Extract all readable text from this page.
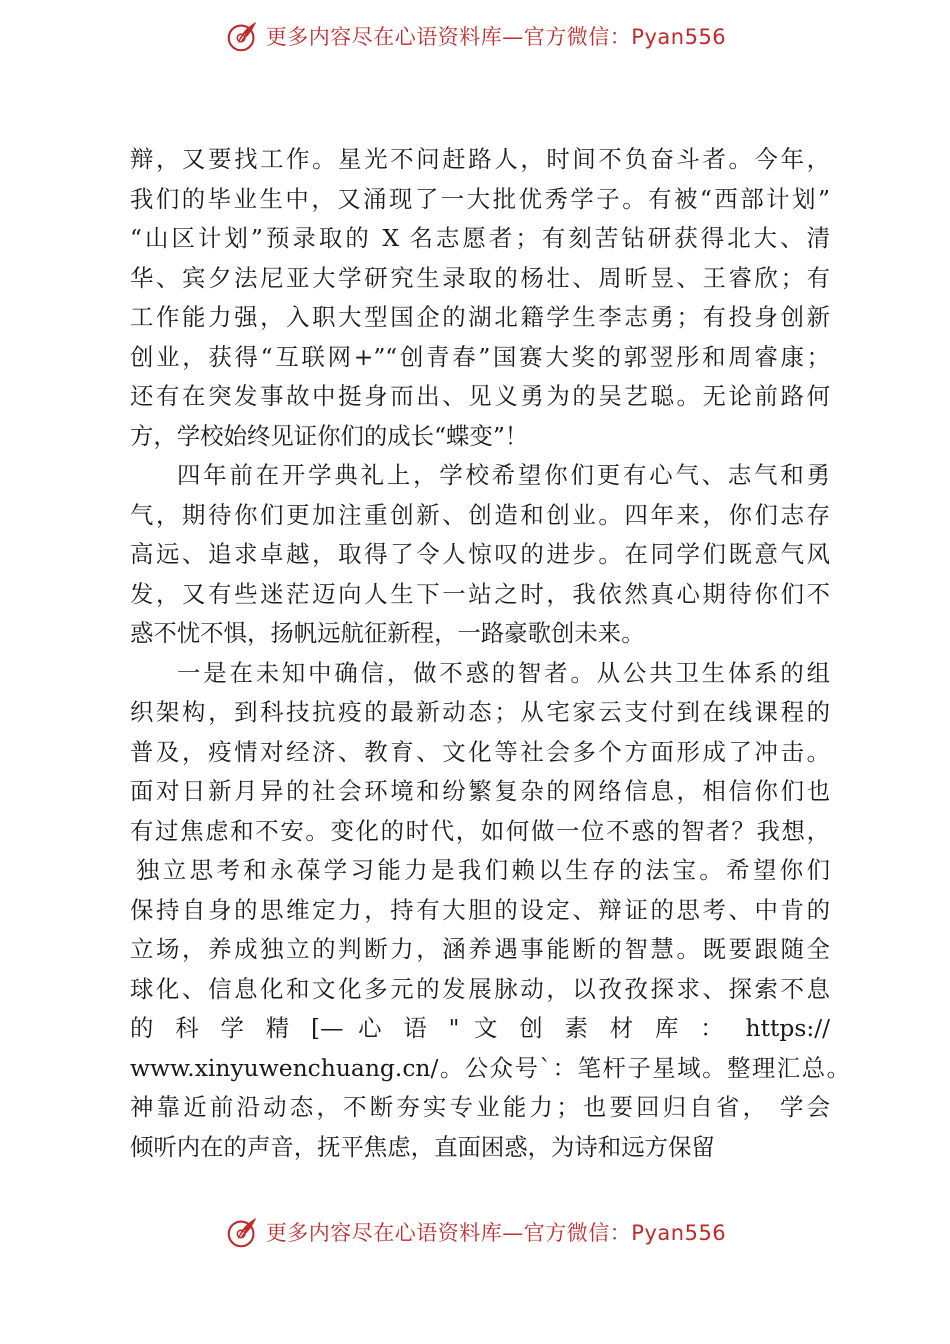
更多内容尽在心语资料库—官方微信：Pyan556
辩，又要找工作。星光不问赶路人，时间不负奋斗者。今年，
我们的毕业生中，又涌现了一大批优秀学子。有被“西部计划”
“山区计划”预录取的 X 名志愿者；有刻苦钻研获得北大、清
华、宾夕法尼亚大学研究生录取的杨壮、周昕昱、王睿欣；有
工作能力强，入职大型国企的湖北籍学生李志勇；有投身创新
创业，获得“互联网+”“创青春”国赛大奖的郭翌彤和周睿康；
还有在突发事故中挺身而出、见义勇为的吴艺聪。无论前路何
方，学校始终见证你们的成长“蝶变”！
四年前在开学典礼上，学校希望你们更有心气、志气和勇
气，期待你们更加注重创新、创造和创业。四年来，你们志存
高远、追求卓越，取得了令人惊叹的进步。在同学们既意气风
发，又有些迷茫迈向人生下一站之时，我依然真心期待你们不
惑不忧不惧，扬帆远航征新程，一路豪歌创未来。
一是在未知中确信，做不惑的智者。从公共卫生体系的组
织架构，到科技抗疫的最新动态；从宅家云支付到在线课程的
普及，疫情对经济、教育、文化等社会多个方面形成了冲击。
面对日新月异的社会环境和纷繁复杂的网络信息，相信你们也
有过焦虑和不安。变化的时代，如何做一位不惑的智者？我想，
独立思考和永葆学习能力是我们赖以生存的法宝。希望你们
保持自身的思维定力，持有大胆的设定、辩证的思考、中肯的
立场，养成独立的判断力，涵养遇事能断的智慧。既要跟随全
球化、信息化和文化多元的发展脉动，以孜孜探求、探索不息
的 科 学 精 [— 心 语 " 文 创 素 材 库 ： https://
www.xinyuwenchuang.cn/。公众号`：笔杆子星域。整理汇总。
神靠近前沿动态，不断夯实专业能力；也要回归自省， 学会
倾听内在的声音，抚平焦虑，直面困惑，为诗和远方保留
更多内容尽在心语资料库—官方微信：Pyan556
